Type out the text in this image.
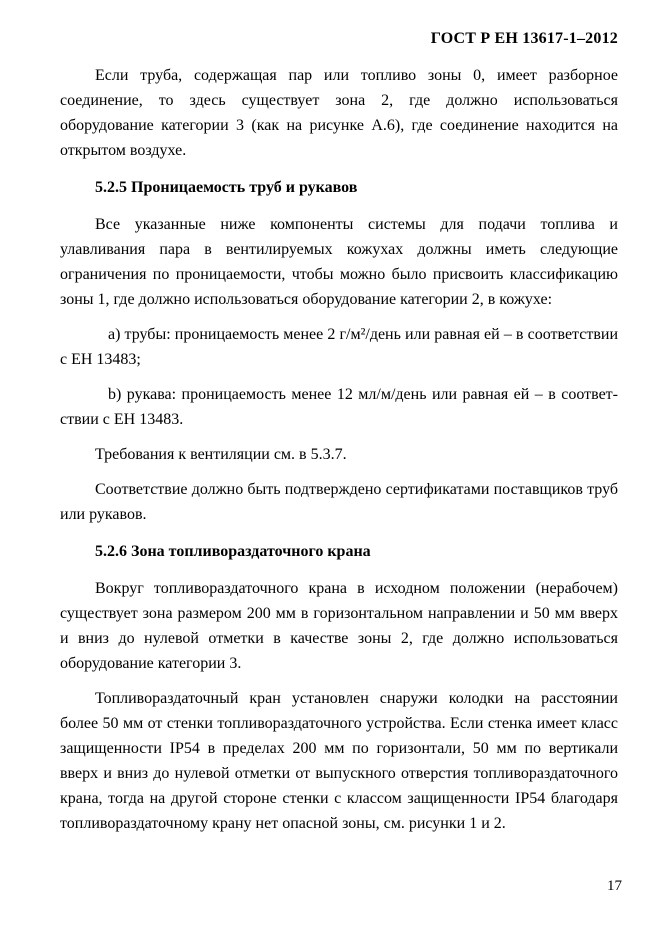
ГОСТ Р ЕН 13617-1–2012

Если труба, содержащая пар или топливо зоны 0, имеет разборное соединение, то здесь существует зона 2, где должно использоваться оборудование категории 3 (как на рисунке А.6), где соединение находится на открытом воздухе.

5.2.5 Проницаемость труб и рукавов

Все указанные ниже компоненты системы для подачи топлива и улавливания пара в вентилируемых кожухах должны иметь следующие ограничения по проницаемости, чтобы можно было присвоить классификацию зоны 1, где должно использоваться оборудование категории 2, в кожухе:

а) трубы: проницаемость менее 2 г/м²/день или равная ей – в соответствии с ЕН 13483;

b) рукава: проницаемость менее 12 мл/м/день или равная ей – в соответствии с ЕН 13483.

Требования к вентиляции см. в 5.3.7.

Соответствие должно быть подтверждено сертификатами поставщиков труб или рукавов.

5.2.6 Зона топливораздаточного крана

Вокруг топливораздаточного крана в исходном положении (нерабочем) существует зона размером 200 мм в горизонтальном направлении и 50 мм вверх и вниз до нулевой отметки в качестве зоны 2, где должно использоваться оборудование категории 3.

Топливораздаточный кран установлен снаружи колодки на расстоянии более 50 мм от стенки топливораздаточного устройства. Если стенка имеет класс защищенности IP54 в пределах 200 мм по горизонтали, 50 мм по вертикали вверх и вниз до нулевой отметки от выпускного отверстия топливораздаточного крана, тогда на другой стороне стенки с классом защищенности IP54 благодаря топливораздаточному крану нет опасной зоны, см. рисунки 1 и 2.

17
